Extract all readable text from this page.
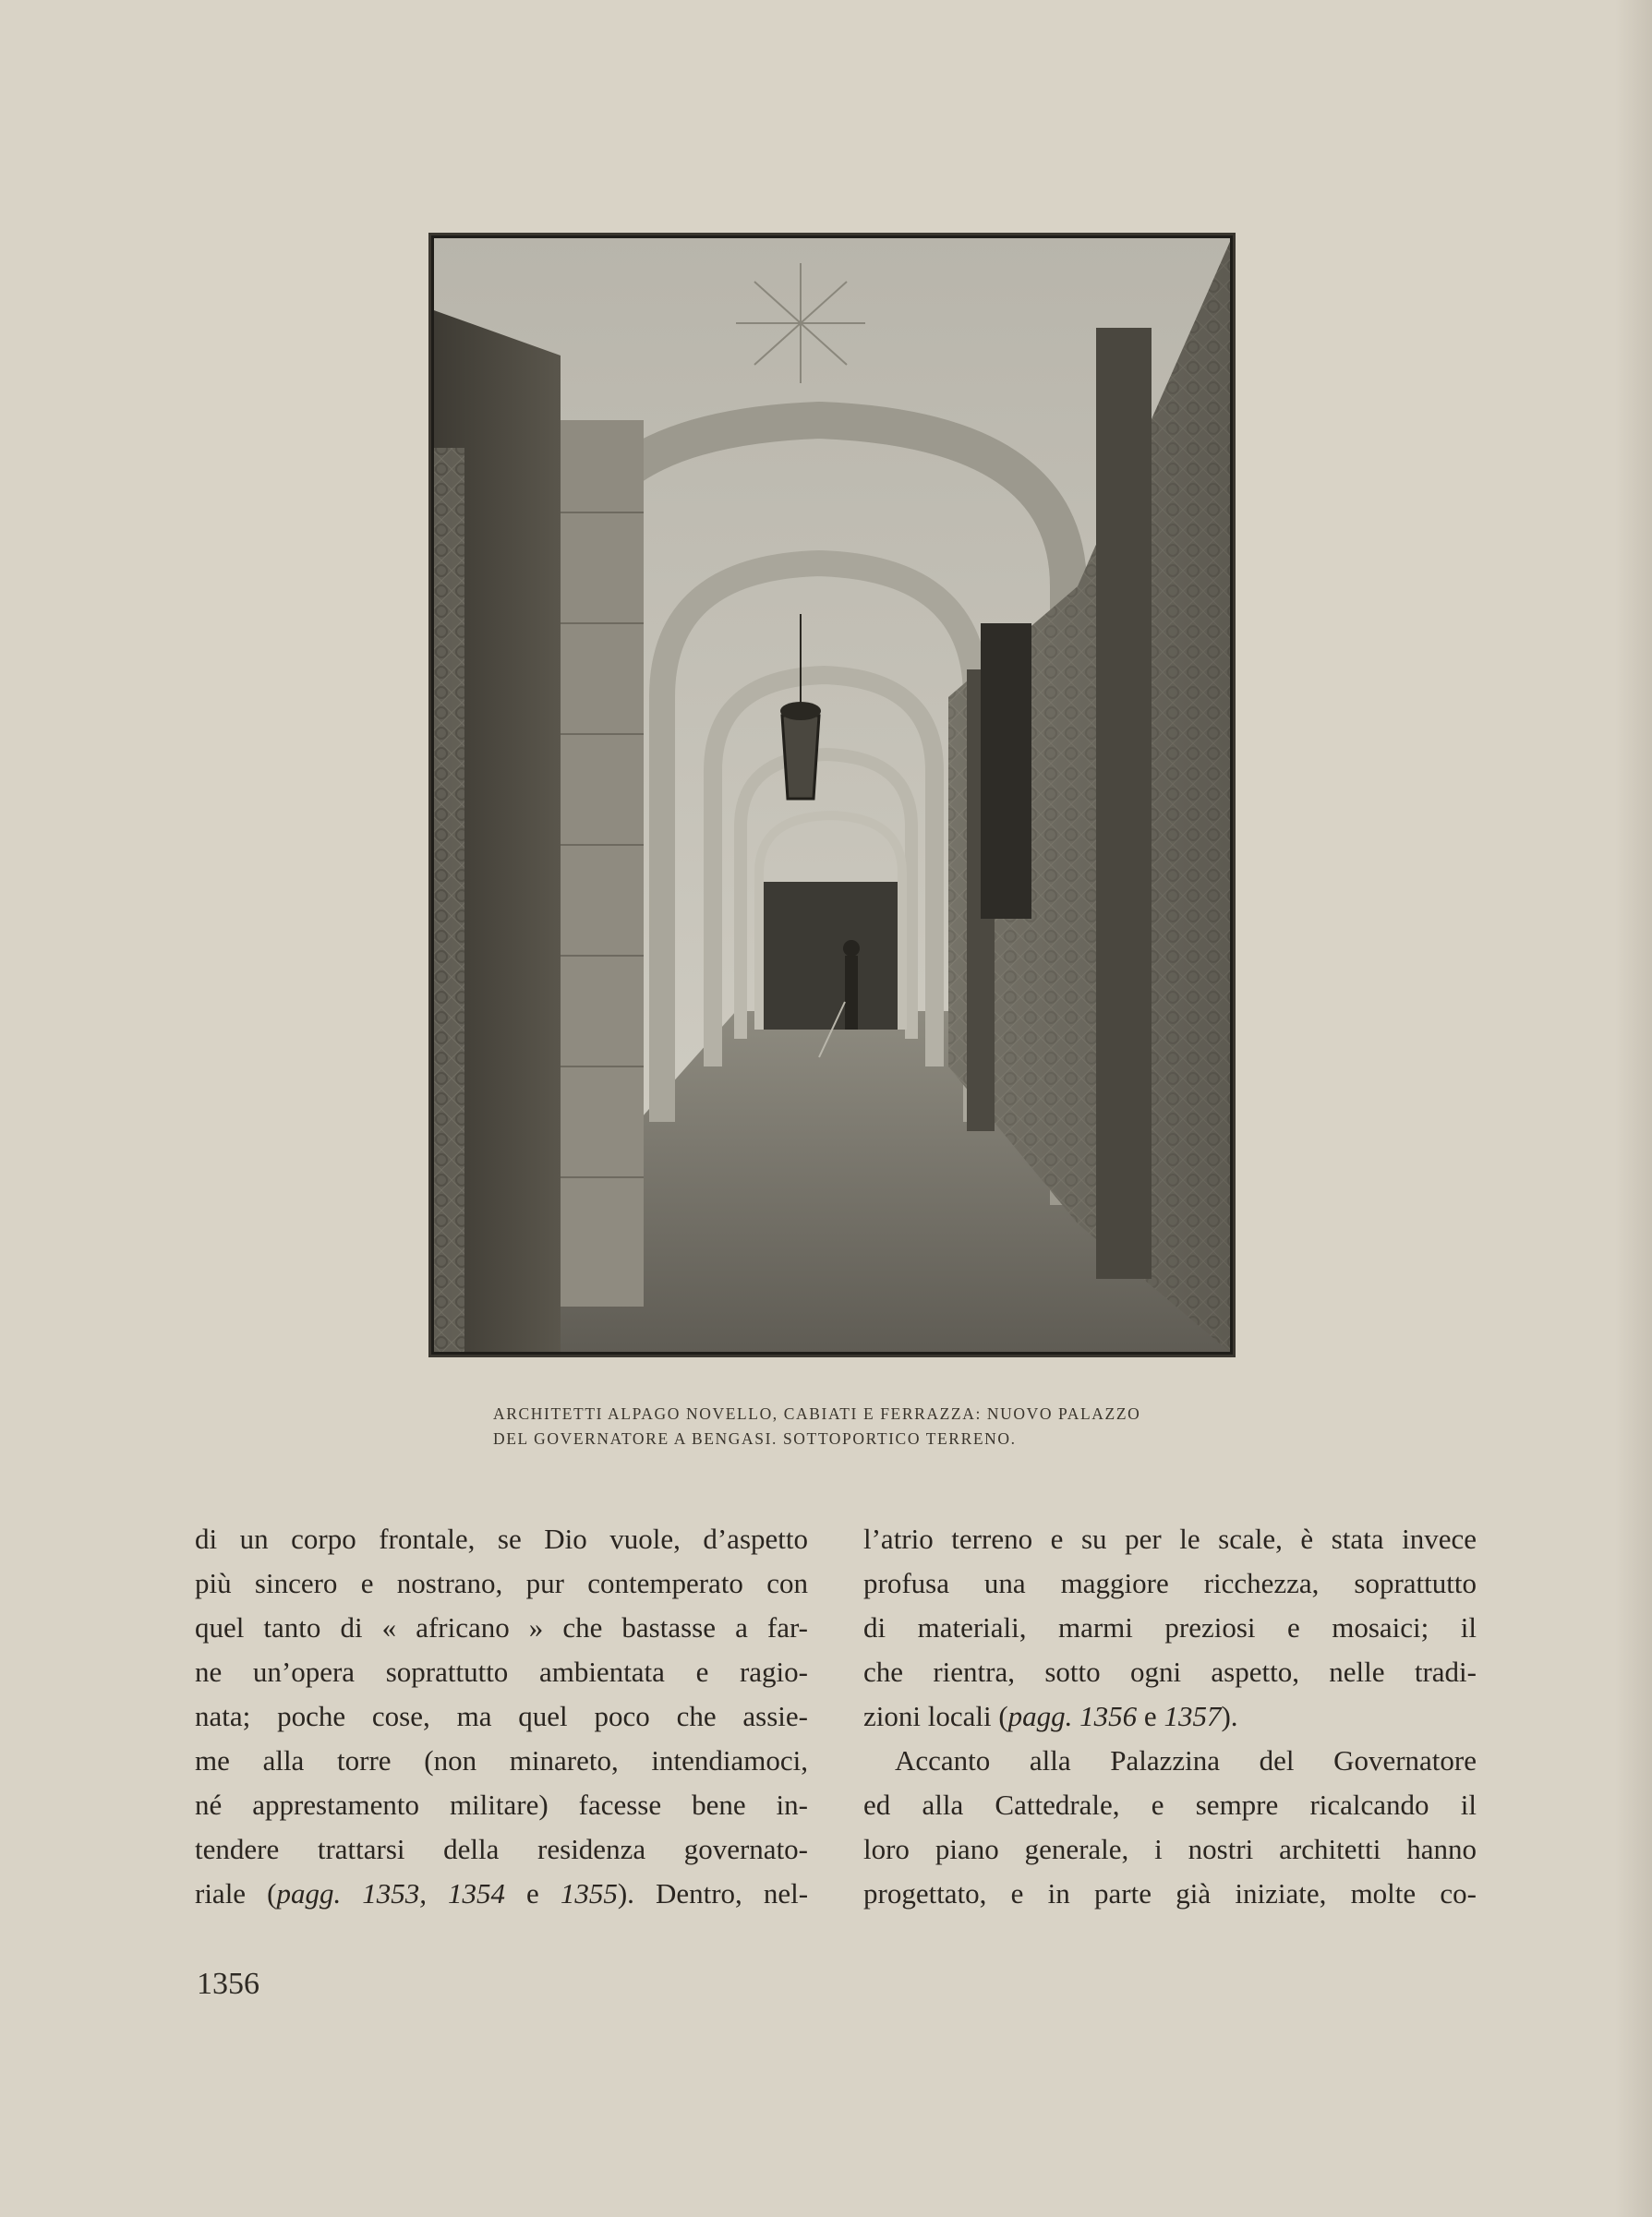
ARCHITETTI ALPAGO NOVELLO, CABIATI E FERRAZZA: NUOVO PALAZZO
DEL GOVERNATORE A BENGASI. SOTTOPORTICO TERRENO.
di un corpo frontale, se Dio vuole, d’aspetto
più sincero e nostrano, pur contemperato con
quel tanto di « africano » che bastasse a far-
ne un’opera soprattutto ambientata e ragio-
nata; poche cose, ma quel poco che assie-
me alla torre (non minareto, intendiamoci,
né apprestamento militare) facesse bene in-
tendere trattarsi della residenza governato-
riale (pagg. 1353, 1354 e 1355). Dentro, nel-
l’atrio terreno e su per le scale, è stata invece
profusa una maggiore ricchezza, soprattutto
di materiali, marmi preziosi e mosaici; il
che rientra, sotto ogni aspetto, nelle tradi-
zioni locali (pagg. 1356 e 1357).
Accanto alla Palazzina del Governatore
ed alla Cattedrale, e sempre ricalcando il
loro piano generale, i nostri architetti hanno
progettato, e in parte già iniziate, molte co-
1356
